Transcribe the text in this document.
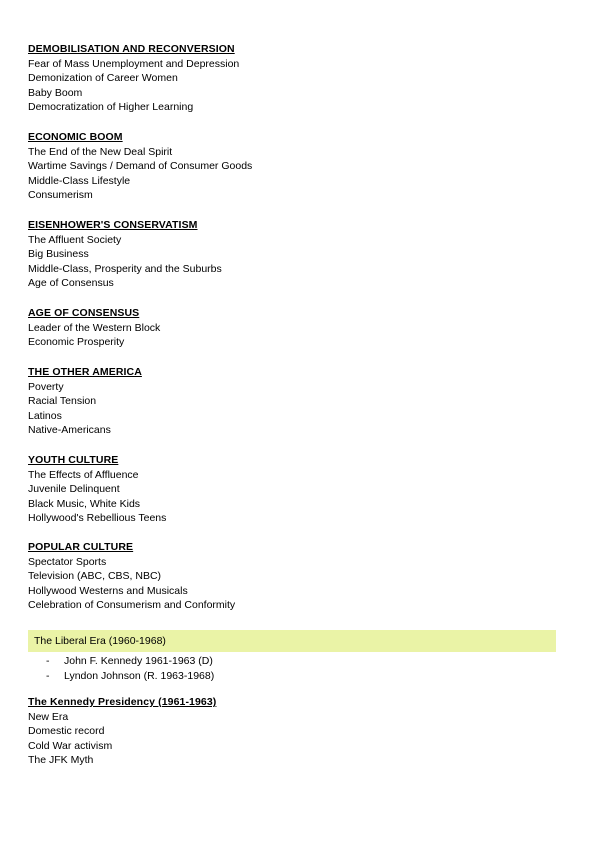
DEMOBILISATION AND RECONVERSION

Fear of Mass Unemployment and Depression

Demonization of Career Women

Baby Boom

Democratization of Higher Learning

ECONOMIC BOOM

The End of the New Deal Spirit

Wartime Savings / Demand of Consumer Goods

Middle-Class Lifestyle

Consumerism

EISENHOWER'S CONSERVATISM

The Affluent Society

Big Business

Middle-Class, Prosperity and the Suburbs

Age of Consensus

AGE OF CONSENSUS

Leader of the Western Block

Economic Prosperity

THE OTHER AMERICA

Poverty

Racial Tension

Latinos

Native-Americans

YOUTH CULTURE

The Effects of Affluence

Juvenile Delinquent

Black Music, White Kids

Hollywood's Rebellious Teens

POPULAR CULTURE

Spectator Sports

Television (ABC, CBS, NBC)

Hollywood Westerns and Musicals

Celebration of Consumerism and Conformity

The Liberal Era (1960-1968)
-	John F. Kennedy 1961-1963 (D)
-	Lyndon Johnson (R. 1963-1968)

The Kennedy Presidency (1961-1963)

New Era

Domestic record

Cold War activism

The JFK Myth
